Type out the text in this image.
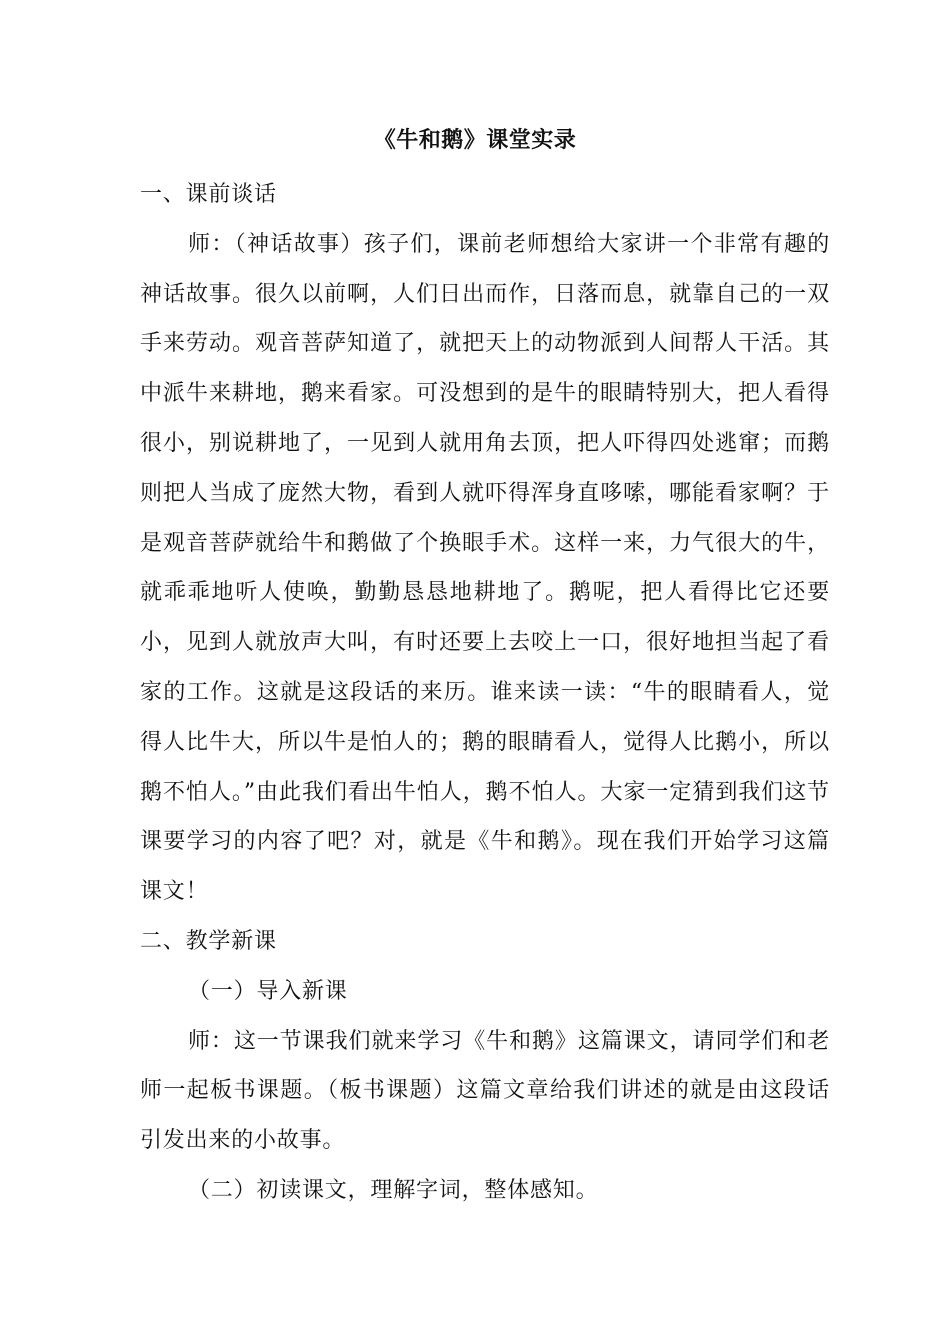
《牛和鹅》课堂实录

一、课前谈话

师：（神话故事）孩子们，课前老师想给大家讲一个非常有趣的神话故事。很久以前啊，人们日出而作，日落而息，就靠自己的一双手来劳动。观音菩萨知道了，就把天上的动物派到人间帮人干活。其中派牛来耕地，鹅来看家。可没想到的是牛的眼睛特别大，把人看得很小，别说耕地了，一见到人就用角去顶，把人吓得四处逃窜；而鹅则把人当成了庞然大物，看到人就吓得浑身直哆嗦，哪能看家啊？于是观音菩萨就给牛和鹅做了个换眼手术。这样一来，力气很大的牛，就乖乖地听人使唤，勤勤恳恳地耕地了。鹅呢，把人看得比它还要小，见到人就放声大叫，有时还要上去咬上一口，很好地担当起了看家的工作。这就是这段话的来历。谁来读一读：“牛的眼睛看人，觉得人比牛大，所以牛是怕人的；鹅的眼睛看人，觉得人比鹅小，所以鹅不怕人。”由此我们看出牛怕人，鹅不怕人。大家一定猜到我们这节课要学习的内容了吧？对，就是《牛和鹅》。现在我们开始学习这篇课文！

二、教学新课

（一）导入新课

师：这一节课我们就来学习《牛和鹅》这篇课文，请同学们和老师一起板书课题。（板书课题）这篇文章给我们讲述的就是由这段话引发出来的小故事。

（二）初读课文，理解字词，整体感知。
